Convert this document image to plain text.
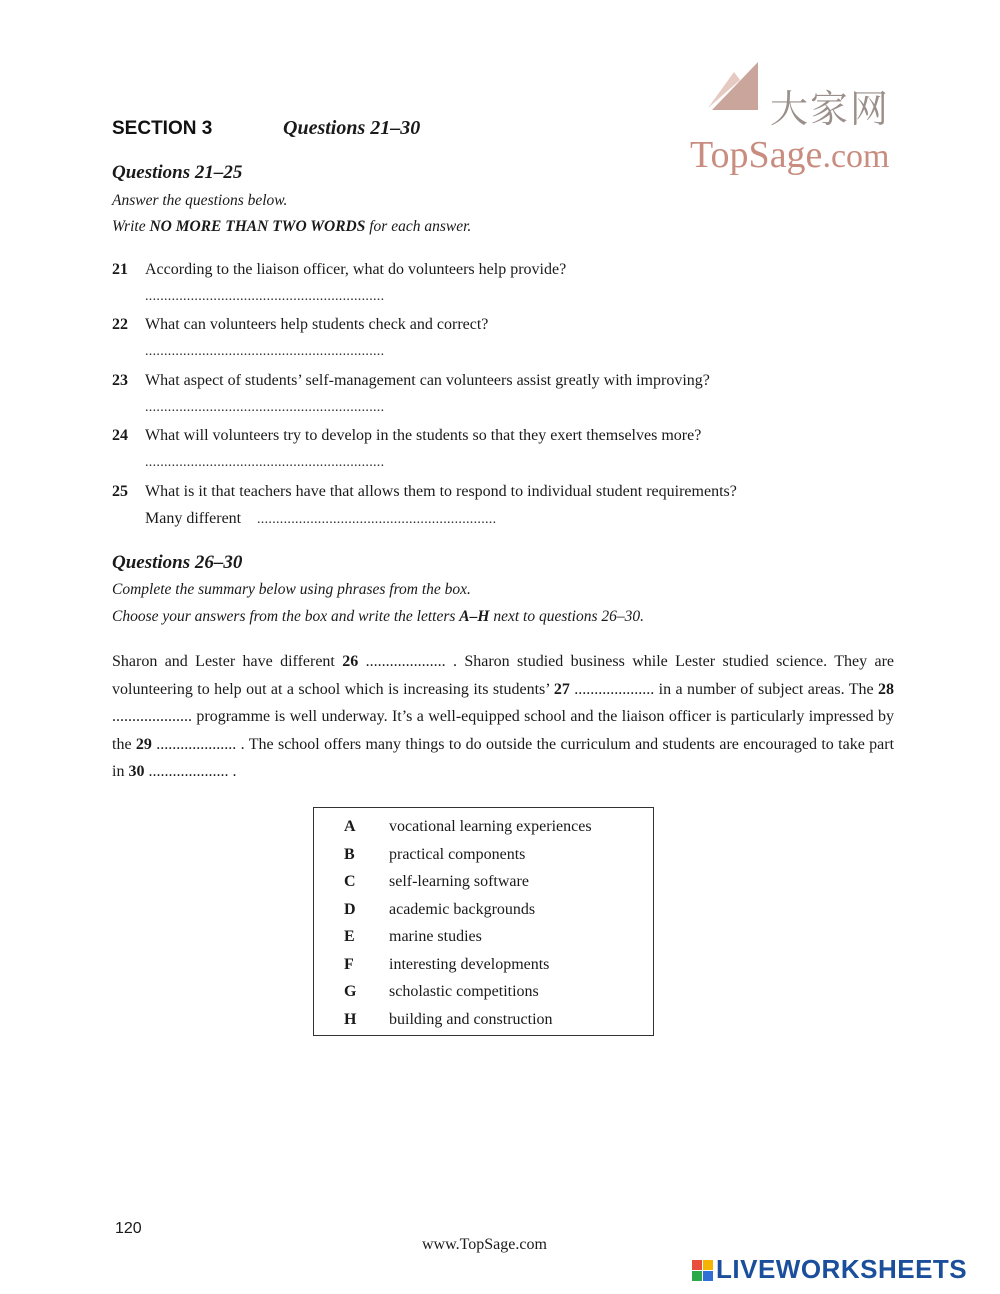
大家网
TopSage.com
SECTION 3	Questions 21–30
Questions 21–25
Answer the questions below.
Write NO MORE THAN TWO WORDS for each answer.
21 According to the liaison officer, what do volunteers help provide?
...............................................................
22 What can volunteers help students check and correct?
...............................................................
23 What aspect of students’ self-management can volunteers assist greatly with improving?
...............................................................
24 What will volunteers try to develop in the students so that they exert themselves more?
...............................................................
25 What is it that teachers have that allows them to respond to individual student requirements?
Many different ...............................................................
Questions 26–30
Complete the summary below using phrases from the box.
Choose your answers from the box and write the letters A–H next to questions 26–30.
Sharon and Lester have different 26 .................... . Sharon studied business while Lester studied science. They are volunteering to help out at a school which is increasing its students’ 27 .................... in a number of subject areas. The 28 .................... programme is well underway. It’s a well-equipped school and the liaison officer is particularly impressed by the 29 .................... . The school offers many things to do outside the curriculum and students are encouraged to take part in 30 .................... .
A vocational learning experiences
B practical components
C self-learning software
D academic backgrounds
E marine studies
F interesting developments
G scholastic competitions
H building and construction
120
www.TopSage.com
LIVEWORKSHEETS
